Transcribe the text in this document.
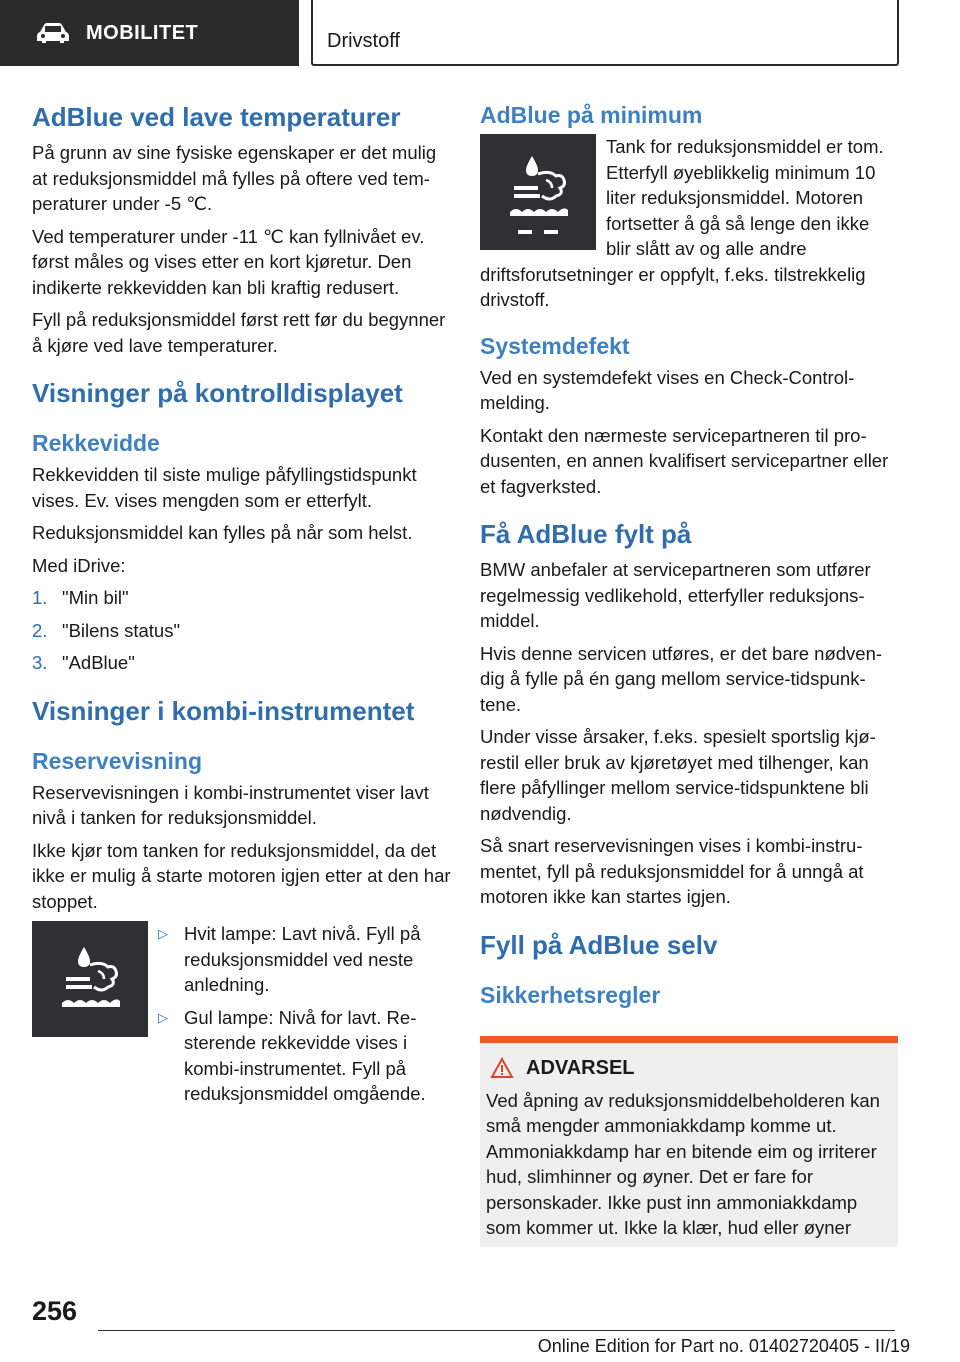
MOBILITET	Drivstoff
AdBlue ved lave temperaturer

På grunn av sine fysiske egenskaper er det mulig at reduksjonsmiddel må fylles på oftere ved temperaturer under -5 ℃.

Ved temperaturer under -11 ℃ kan fyllnivået ev. først måles og vises etter en kort kjøretur. Den indikerte rekkevidden kan bli kraftig redusert.

Fyll på reduksjonsmiddel først rett før du begynner å kjøre ved lave temperaturer.

Visninger på kontrolldisplayet
Rekkevidde

Rekkevidden til siste mulige påfyllingstidspunkt vises. Ev. vises mengden som er etterfylt.

Reduksjonsmiddel kan fylles på når som helst.

Med iDrive:

1. "Min bil"
2. "Bilens status"
3. "AdBlue"
Visninger i kombi-instrumentet
Reservevisning

Reservevisningen i kombi-instrumentet viser lavt nivå i tanken for reduksjonsmiddel.

Ikke kjør tom tanken for reduksjonsmiddel, da det ikke er mulig å starte motoren igjen etter at den har stoppet.

▷ Hvit lampe: Lavt nivå. Fyll på reduksjonsmiddel ved neste anledning.
▷ Gul lampe: Nivå for lavt. Resterende rekkevidde vises i kombi-instrumentet. Fyll på reduksjonsmiddel omgående.
AdBlue på minimum

Tank for reduksjonsmiddel er tom. Etterfyll øyeblikkelig minimum 10 liter reduksjonsmiddel. Motoren fortsetter å gå så lenge den ikke blir slått av og alle andre driftsforutsetninger er oppfylt, f.eks. tilstrekkelig drivstoff.

Systemdefekt

Ved en systemdefekt vises en Check-Control-melding.

Kontakt den nærmeste servicepartneren til produsenten, en annen kvalifisert servicepartner eller et fagverksted.

Få AdBlue fylt på

BMW anbefaler at servicepartneren som utfører regelmessig vedlikehold, etterfyller reduksjonsmiddel.

Hvis denne servicen utføres, er det bare nødvendig å fylle på én gang mellom service-tidspunktene.

Under visse årsaker, f.eks. spesielt sportslig kjørestil eller bruk av kjøretøyet med tilhenger, kan flere påfyllinger mellom service-tidspunktene bli nødvendig.

Så snart reservevisningen vises i kombi-instrumentet, fyll på reduksjonsmiddel for å unngå at motoren ikke kan startes igjen.

Fyll på AdBlue selv
Sikkerhetsregler
ADVARSEL

Ved åpning av reduksjonsmiddelbeholderen kan små mengder ammoniakkdamp komme ut. Ammoniakkdamp har en bitende eim og irriterer hud, slimhinner og øyner. Det er fare for personskader. Ikke pust inn ammoniakkdamp som kommer ut. Ikke la klær, hud eller øyner

256
Online Edition for Part no. 01402720405 - II/19
